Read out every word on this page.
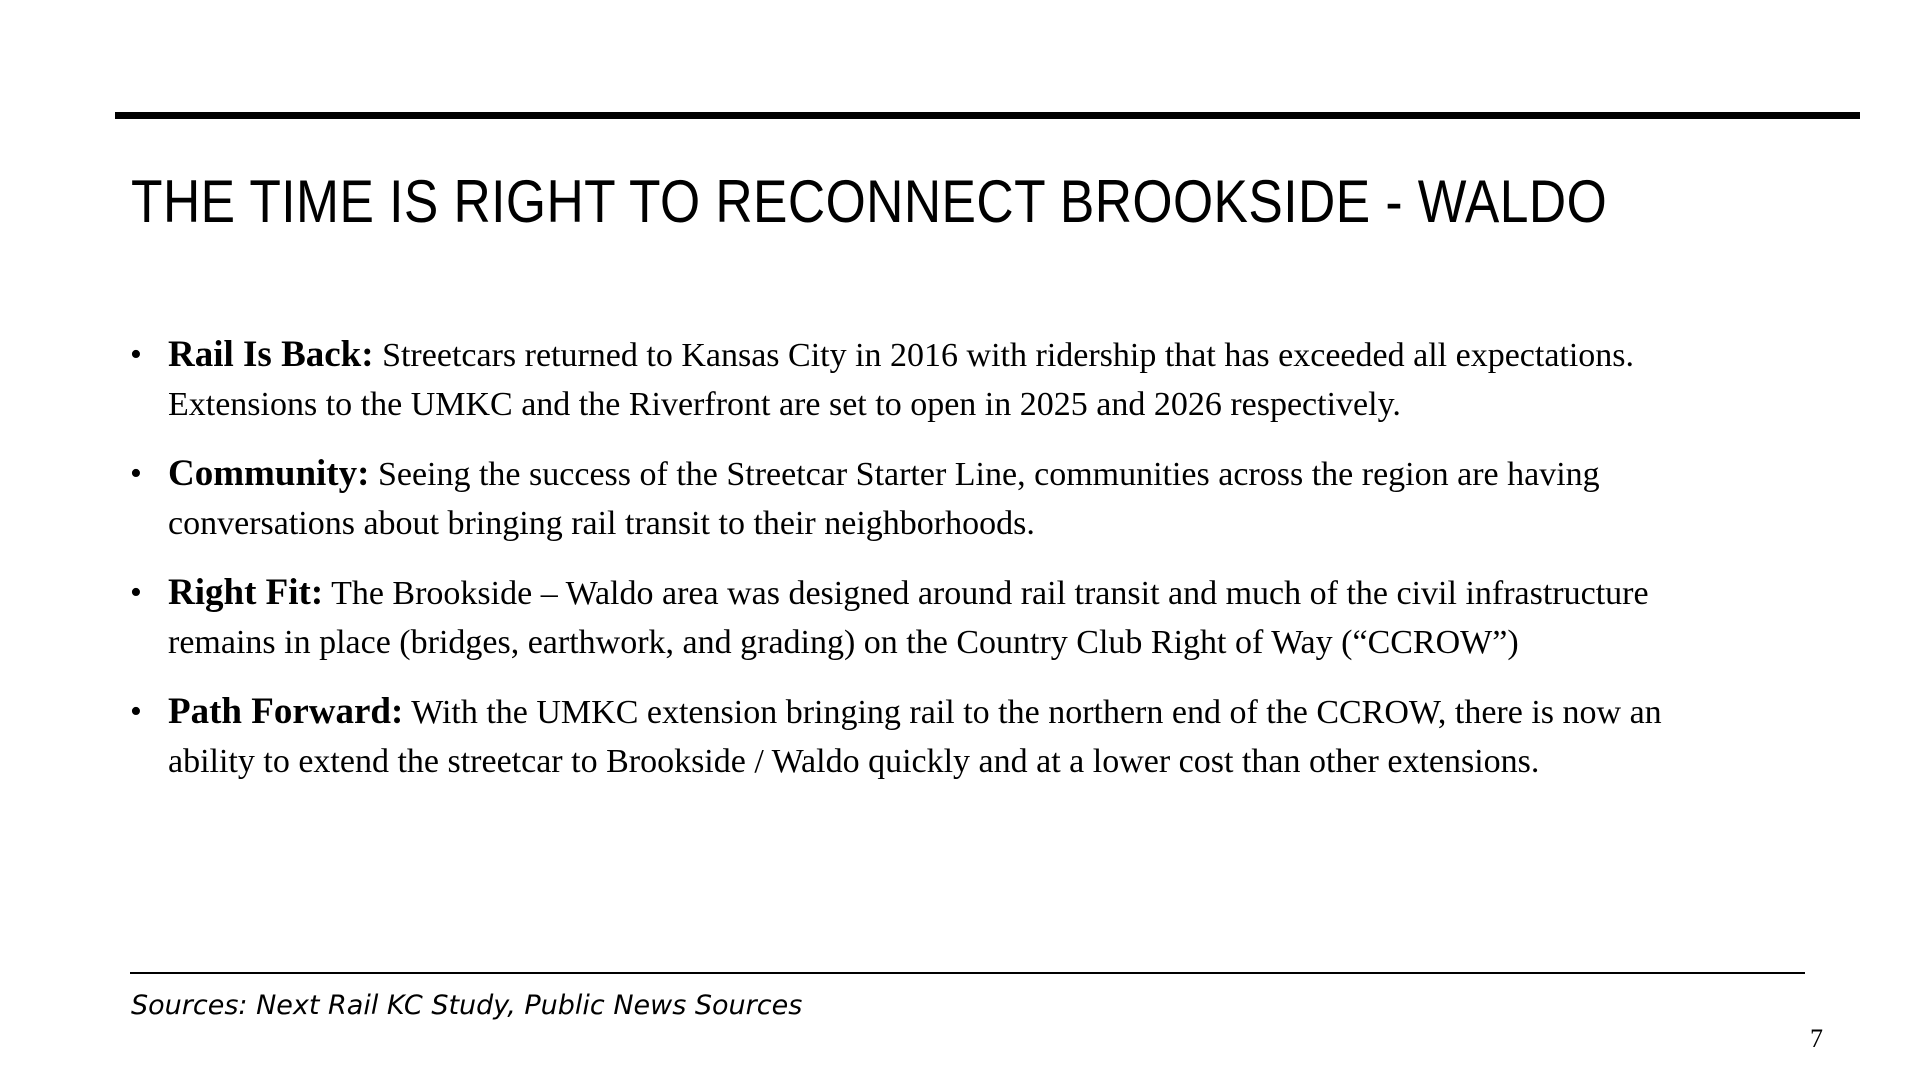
THE TIME IS RIGHT TO RECONNECT BROOKSIDE - WALDO
• Rail Is Back: Streetcars returned to Kansas City in 2016 with ridership that has exceeded all expectations. Extensions to the UMKC and the Riverfront are set to open in 2025 and 2026 respectively.
• Community: Seeing the success of the Streetcar Starter Line, communities across the region are having conversations about bringing rail transit to their neighborhoods.
• Right Fit: The Brookside – Waldo area was designed around rail transit and much of the civil infrastructure remains in place (bridges, earthwork, and grading) on the Country Club Right of Way (“CCROW”)
• Path Forward: With the UMKC extension bringing rail to the northern end of the CCROW, there is now an ability to extend the streetcar to Brookside / Waldo quickly and at a lower cost than other extensions.
Sources: Next Rail KC Study, Public News Sources
7
